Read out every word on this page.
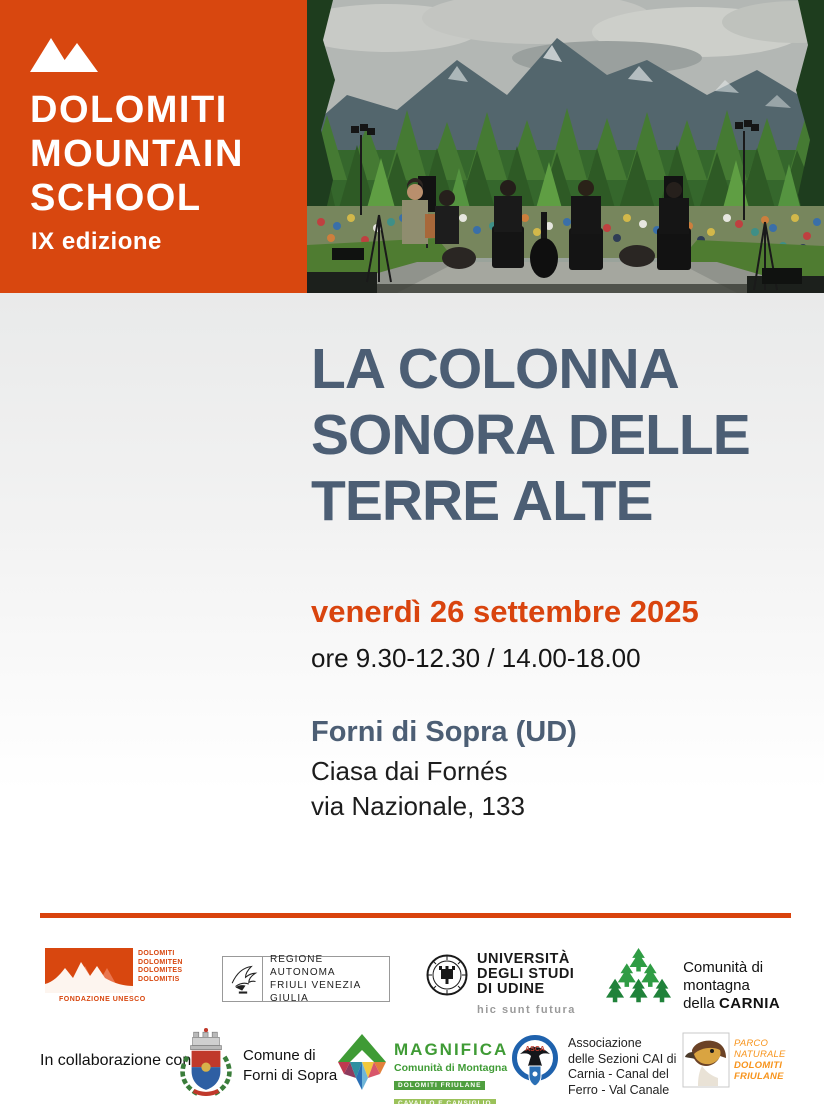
DOLOMITI
MOUNTAIN
SCHOOL
IX edizione
LA COLONNA
SONORA DELLE
TERRE ALTE
venerdì 26 settembre 2025
ore 9.30-12.30 / 14.00-18.00
Forni di Sopra (UD)
Ciasa dai Fornés
via Nazionale, 133
DOLOMITI
DOLOMITEN
DOLOMITES
DOLOMITIS
FONDAZIONE UNESCO
REGIONE AUTONOMA
FRIULI VENEZIA GIULIA
UNIVERSITÀ
DEGLI STUDI
DI UDINE
hic sunt futura
Comunità di montagna
della CARNIA
In collaborazione con	Comune di
Forni di Sopra
MAGNIFICA
Comunità di Montagna
DOLOMITI FRIULANE
CAVALLO E CANSIGLIO
ASCA Associazione
delle Sezioni CAI di
Carnia - Canal del
Ferro - Val Canale
PARCO
NATURALE
DOLOMITI
FRIULANE
